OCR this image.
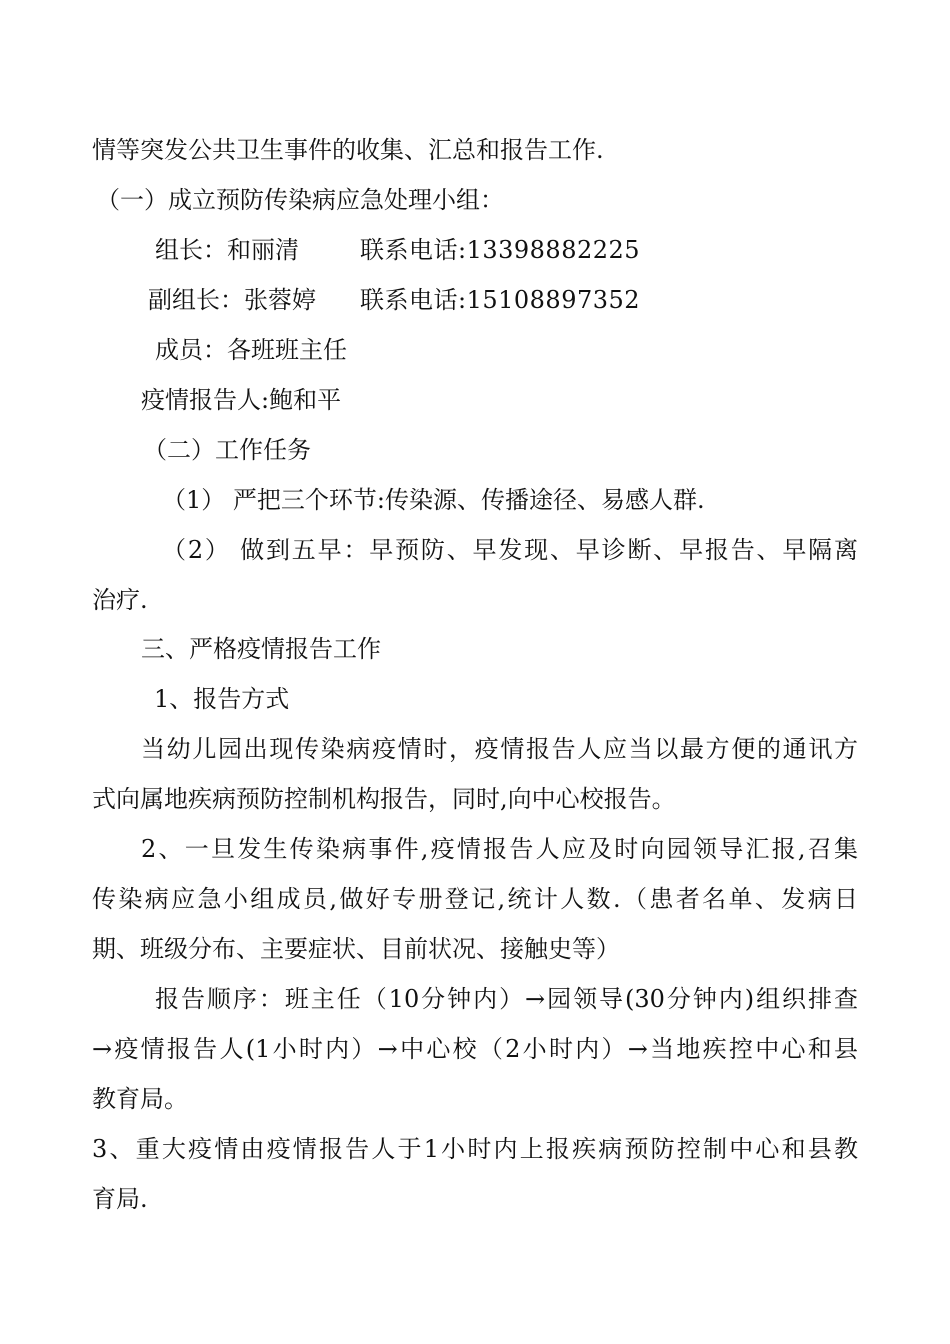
情等突发公共卫生事件的收集、汇总和报告工作.
（一）成立预防传染病应急处理小组：
组长：和丽清	联系电话:13398882225
副组长：张蓉婷 联系电话:15108897352
成员：各班班主任
疫情报告人:鲍和平
（二）工作任务
（1） 严把三个环节:传染源、传播途径、易感人群.
（2） 做到五早：早预防、早发现、早诊断、早报告、早隔离
治疗.
三、严格疫情报告工作
1、报告方式
当幼儿园出现传染病疫情时，疫情报告人应当以最方便的通讯方
式向属地疾病预防控制机构报告，同时,向中心校报告。
2、一旦发生传染病事件,疫情报告人应及时向园领导汇报,召集
传染病应急小组成员,做好专册登记,统计人数.（患者名单、发病日
期、班级分布、主要症状、目前状况、接触史等）
报告顺序：班主任（10分钟内）→园领导(30分钟内)组织排查
→疫情报告人(1小时内）→中心校（2小时内）→当地疾控中心和县
教育局。
3、重大疫情由疫情报告人于1小时内上报疾病预防控制中心和县教
育局.
